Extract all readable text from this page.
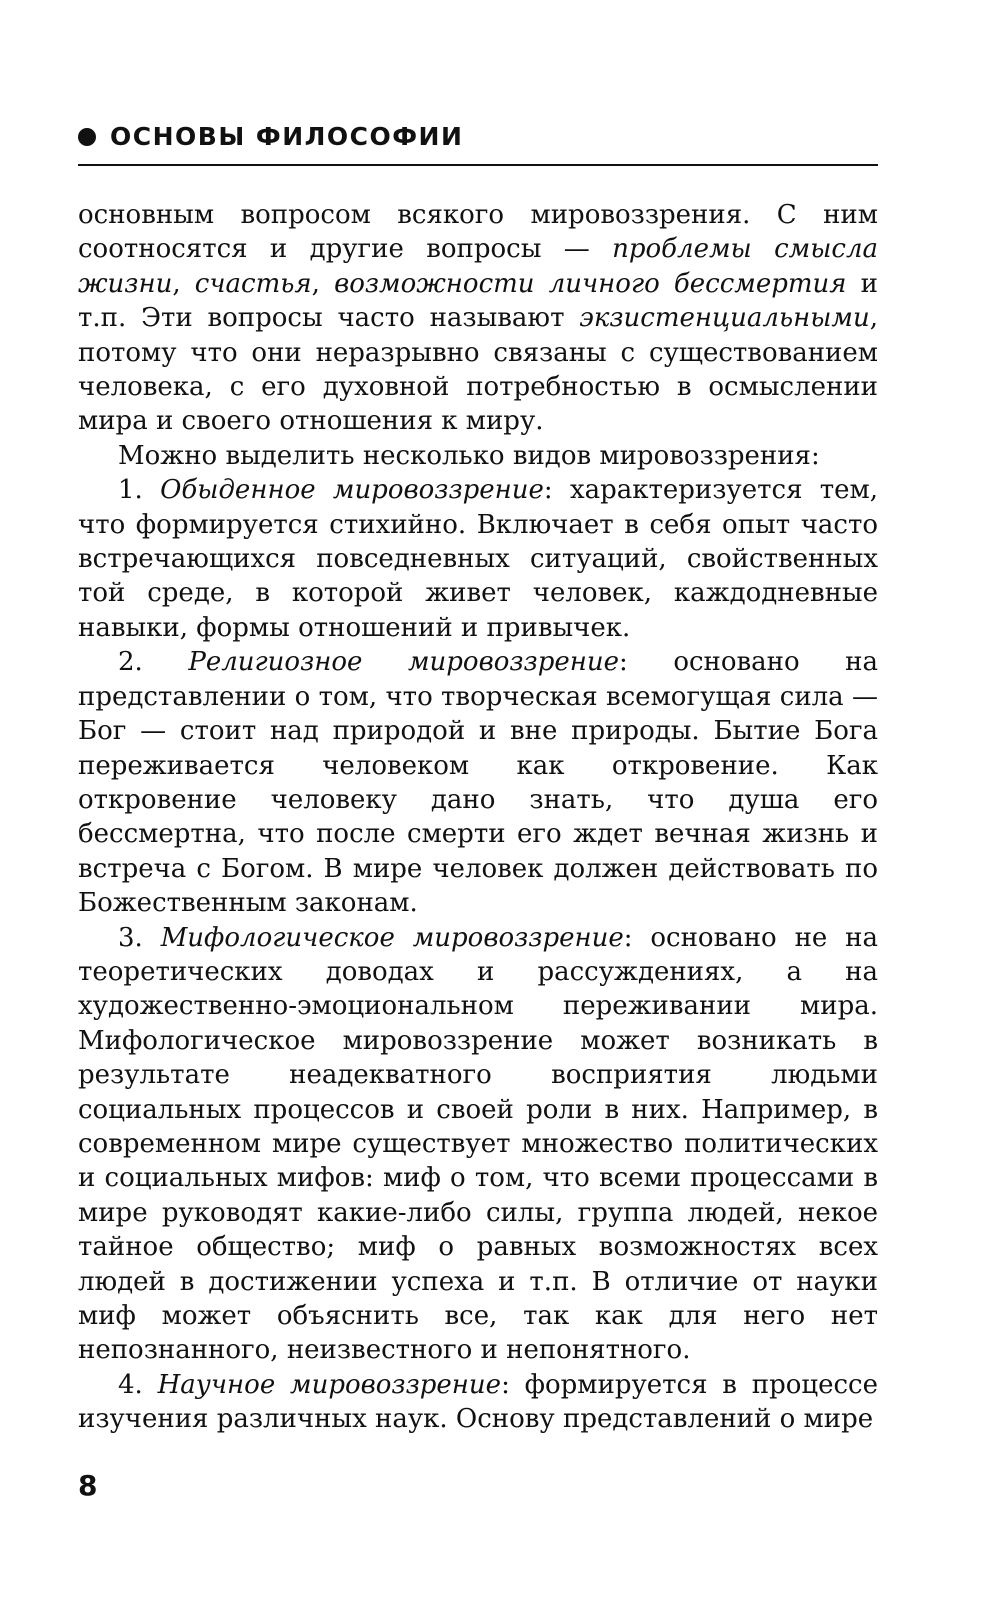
ОСНОВЫ ФИЛОСОФИИ

основным вопросом всякого мировоззрения. С ним соотносятся и другие вопросы — проблемы смысла жизни, счастья, возможности личного бессмертия и т.п. Эти вопросы часто называют экзистенциальными, потому что они неразрывно связаны с существованием человека, с его духовной потребностью в осмыслении мира и своего отношения к миру.

Можно выделить несколько видов мировоззрения:

1. Обыденное мировоззрение: характеризуется тем, что формируется стихийно. Включает в себя опыт часто встречающихся повседневных ситуаций, свойственных той среде, в которой живет человек, каждодневные навыки, формы отношений и привычек.

2. Религиозное мировоззрение: основано на представлении о том, что творческая всемогущая сила — Бог — стоит над природой и вне природы. Бытие Бога переживается человеком как откровение. Как откровение человеку дано знать, что душа его бессмертна, что после смерти его ждет вечная жизнь и встреча с Богом. В мире человек должен действовать по Божественным законам.

3. Мифологическое мировоззрение: основано не на теоретических доводах и рассуждениях, а на художественно-эмоциональном переживании мира. Мифологическое мировоззрение может возникать в результате неадекватного восприятия людьми социальных процессов и своей роли в них. Например, в современном мире существует множество политических и социальных мифов: миф о том, что всеми процессами в мире руководят какие-либо силы, группа людей, некое тайное общество; миф о равных возможностях всех людей в достижении успеха и т.п. В отличие от науки миф может объяснить все, так как для него нет непознанного, неизвестного и непонятного.

4. Научное мировоззрение: формируется в процессе изучения различных наук. Основу представлений о мире

8
